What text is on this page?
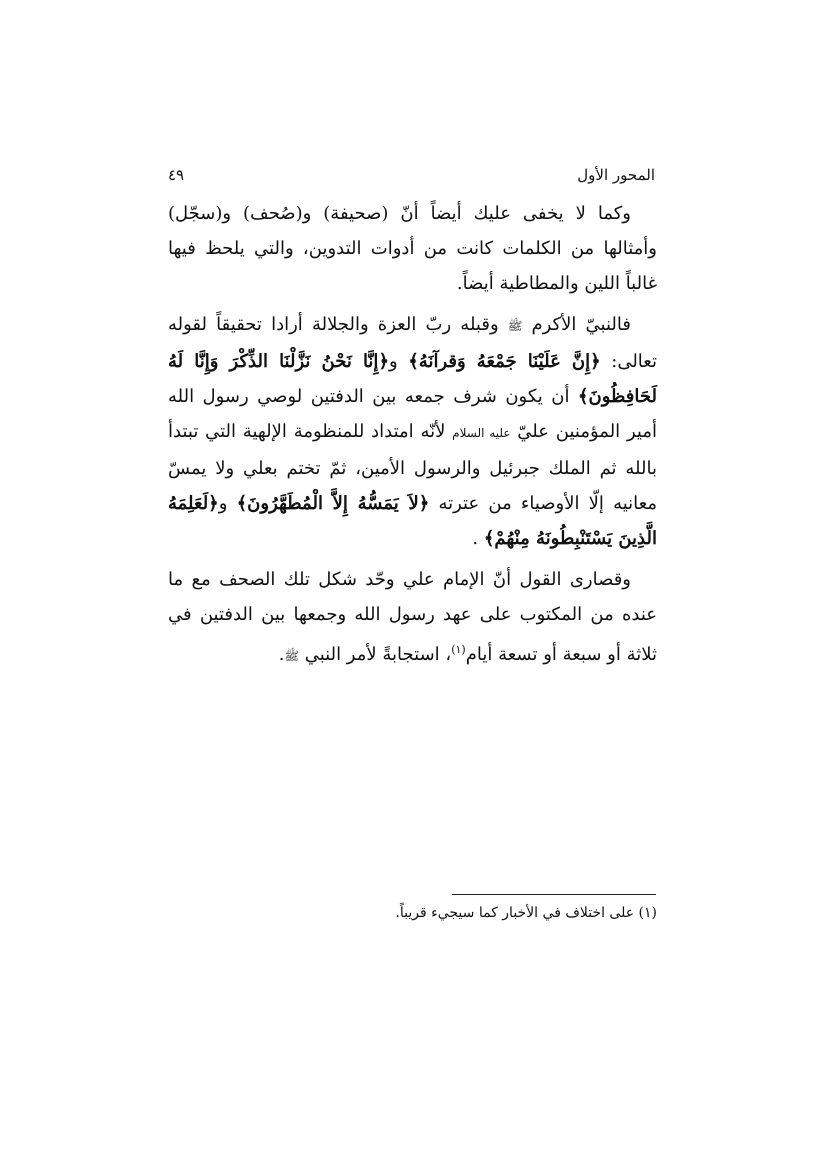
المحور الأول
٤٩

وكما لا يخفى عليك أيضاً أنّ (صحيفة) و(صُحف) و(سجّل) وأمثالها من الكلمات كانت من أدوات التدوين، والتي يلحظ فيها غالباً اللين والمطاطية أيضاً.

فالنبيّ الأكرم ﷺ وقبله ربّ العزة والجلالة أرادا تحقيقاً لقوله تعالى: ﴿إِنَّ عَلَيْنَا جَمْعَهُ وَقرآنَهُ﴾ و﴿إِنَّا نَحْنُ نَزَّلْنَا الذِّكْرَ وَإِنَّا لَهُ لَحَافِظُونَ﴾ أن يكون شرف جمعه بين الدفتين لوصي رسول الله أمير المؤمنين عليّ عليه السلام لأنّه امتداد للمنظومة الإلهية التي تبتدأ بالله ثم الملك جبرئيل والرسول الأمين، ثمّ تختم بعلي ولا يمسّ معانيه إلّا الأوصياء من عترته ﴿لاَ يَمَسُّهُ إِلاَّ الْمُطَهَّرُونَ﴾ و﴿لَعَلِمَهُ الَّذِينَ يَسْتَنْبِطُونَهُ مِنْهُمْ﴾ .

وقصارى القول أنّ الإمام علي وحّد شكل تلك الصحف مع ما عنده من المكتوب على عهد رسول الله وجمعها بين الدفتين في ثلاثة أو سبعة أو تسعة أيام$^{(١)}$، استجابةً لأمر النبي ﷺ.

(١) على اختلاف في الأخبار كما سيجيء قريباً.
